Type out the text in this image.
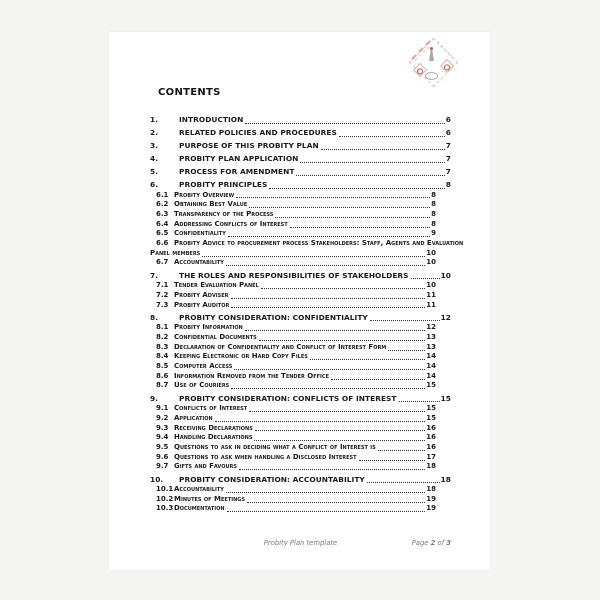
CONTENTS
1.	INTRODUCTION	6
2.	RELATED POLICIES AND PROCEDURES	6
3.	PURPOSE OF THIS PROBITY PLAN	7
4.	PROBITY PLAN APPLICATION	7
5.	PROCESS FOR AMENDMENT	7
6.	PROBITY PRINCIPLES	8
6.1 Probity Overview	8
6.2 Obtaining Best Value	8
6.3 Transparency of the Process	8
6.4 Addressing Conflicts of Interest	8
6.5 Confidentiality	9
6.6 Probity Advice to procurement process Stakeholders: Staff, Agents and Evaluation
Panel members	10
6.7 Accountability	10
7.	THE ROLES AND RESPONSIBILITIES OF STAKEHOLDERS	10
7.1 Tender Evaluation Panel	10
7.2 Probity Adviser	11
7.3 Probity Auditor	11
8.	PROBITY CONSIDERATION: CONFIDENTIALITY	12
8.1 Probity Information	12
8.2 Confidential Documents	13
8.3 Declaration of Confidentiality and Conflict of Interest Form	13
8.4 Keeping Electronic or Hard Copy Files	14
8.5 Computer Access	14
8.6 Information Removed from the Tender Office	14
8.7 Use of Couriers	15
9.	PROBITY CONSIDERATION: CONFLICTS OF INTEREST	15
9.1 Conflicts of Interest	15
9.2 Application	15
9.3 Receiving Declarations	16
9.4 Handling Declarations	16
9.5 Questions to ask in deciding what a Conflict of Interest is	16
9.6 Questions to ask when handling a Disclosed Interest	17
9.7 Gifts and Favours	18
10.	PROBITY CONSIDERATION: ACCOUNTABILITY	18
10.1 Accountability	18
10.2 Minutes of Meetings	19
10.3 Documentation	19
Probity Plan template	Page 2 of 3
